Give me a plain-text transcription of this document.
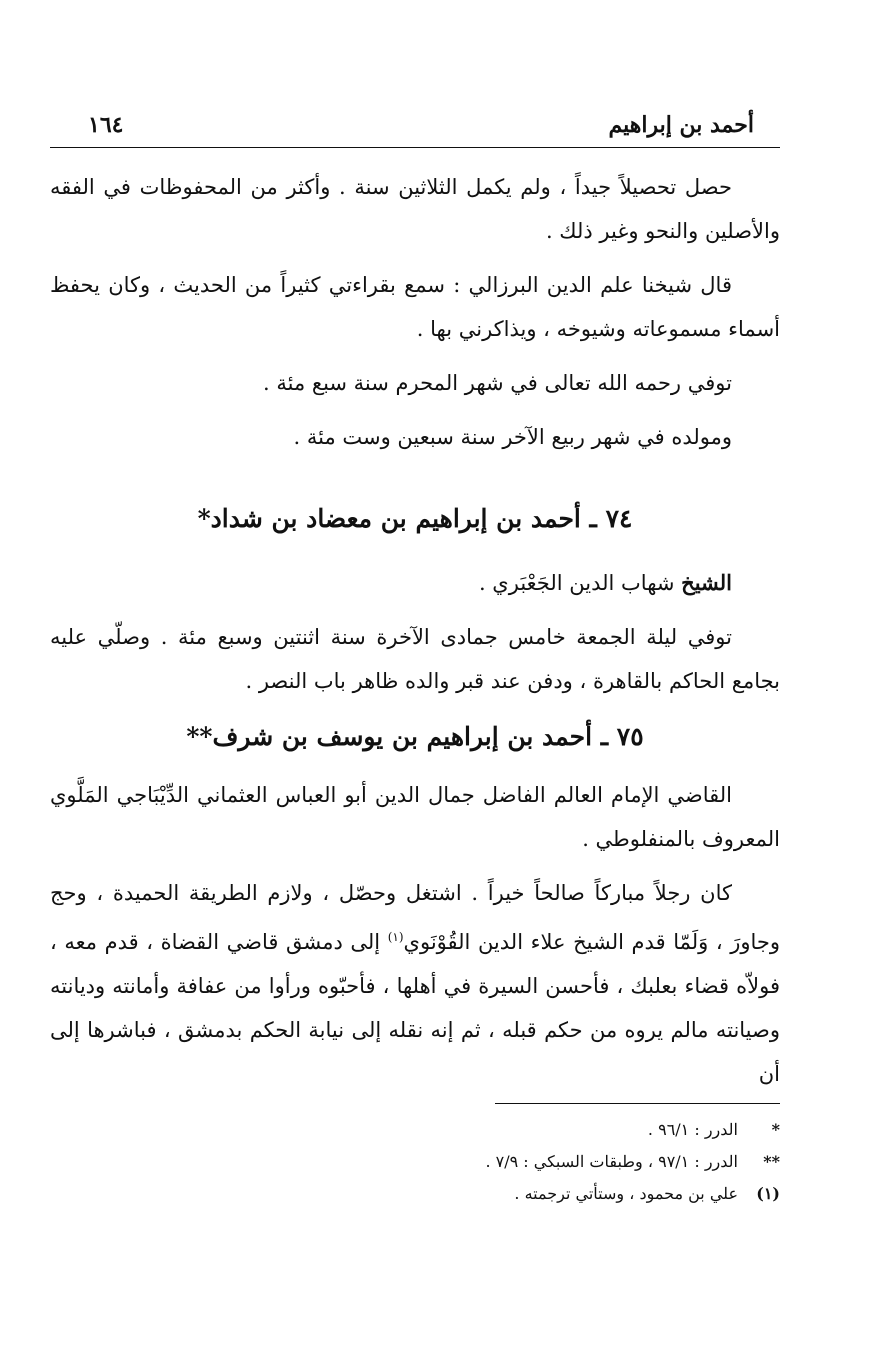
أحمد بن إبراهيم
١٦٤

حصل تحصيلاً جيداً ، ولم يكمل الثلاثين سنة . وأكثر من المحفوظات في الفقه والأصلين والنحو وغير ذلك .

قال شيخنا علم الدين البرزالي : سمع بقراءتي كثيراً من الحديث ، وكان يحفظ أسماء مسموعاته وشيوخه ، ويذاكرني بها .

توفي رحمه الله تعالى في شهر المحرم سنة سبع مئة .

ومولده في شهر ربيع الآخر سنة سبعين وست مئة .

٧٤ ـ أحمد بن إبراهيم بن معضاد بن شداد*

الشيخ شهاب الدين الجَعْبَري .

توفي ليلة الجمعة خامس جمادى الآخرة سنة اثنتين وسبع مئة . وصلّي عليه بجامع الحاكم بالقاهرة ، ودفن عند قبر والده ظاهر باب النصر .

٧٥ ـ أحمد بن إبراهيم بن يوسف بن شرف**

القاضي الإمام العالم الفاضل جمال الدين أبو العباس العثماني الدِّيْبَاجي المَلَّوي المعروف بالمنفلوطي .

كان رجلاً مباركاً صالحاً خيراً . اشتغل وحصّل ، ولازم الطريقة الحميدة ، وحج وجاورَ ، وَلَمّا قدم الشيخ علاء الدين القُوْنَوي$^{(١)}$ إلى دمشق قاضي القضاة ، قدم معه ، فولاّه قضاء بعلبك ، فأحسن السيرة في أهلها ، فأحبّوه ورأوا من عفافة وأمانته وديانته وصيانته مالم يروه من حكم قبله ، ثم إنه نقله إلى نيابة الحكم بدمشق ، فباشرها إلى أن

*
الدرر : ٩٦/١ .
**
الدرر : ٩٧/١ ، وطبقات السبكي : ٧/٩ .
(١)
علي بن محمود ، وستأتي ترجمته .
